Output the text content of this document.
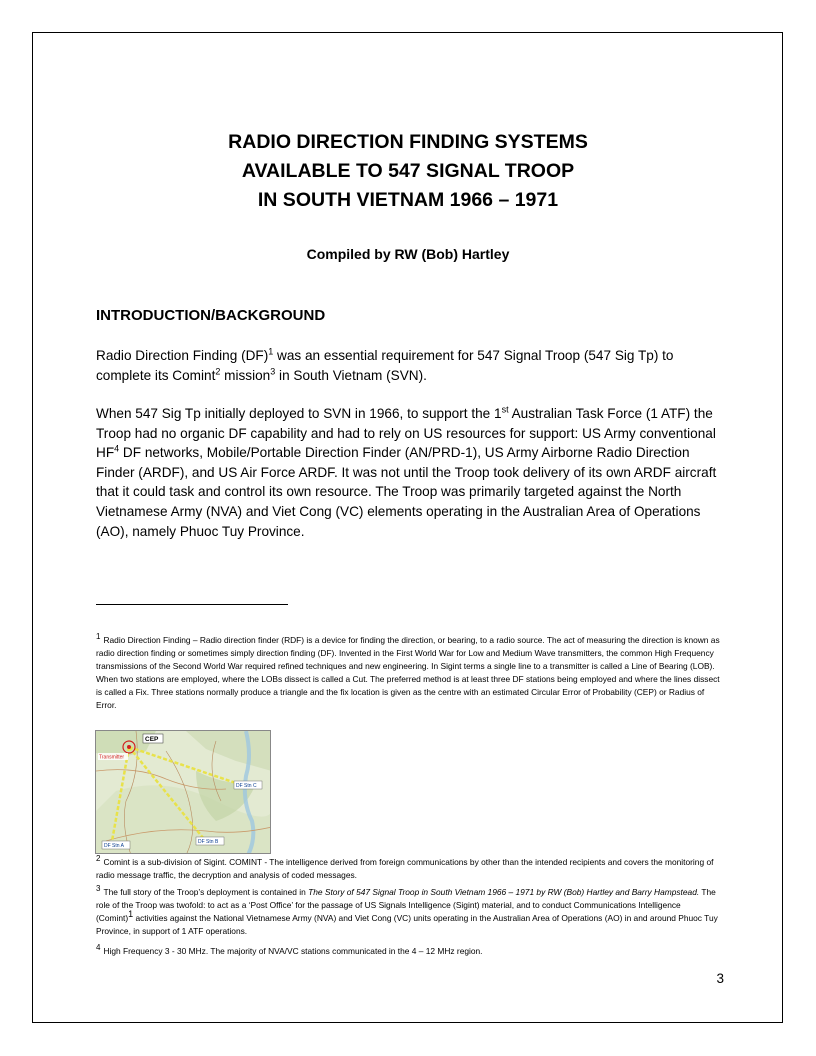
RADIO DIRECTION FINDING SYSTEMS
AVAILABLE TO 547 SIGNAL TROOP
IN SOUTH VIETNAM 1966 – 1971
Compiled by RW (Bob) Hartley
INTRODUCTION/BACKGROUND

Radio Direction Finding (DF)$^1$ was an essential requirement for 547 Signal Troop (547 Sig Tp) to complete its Comint$^2$ mission$^3$ in South Vietnam (SVN).

When 547 Sig Tp initially deployed to SVN in 1966, to support the 1st Australian Task Force (1 ATF) the Troop had no organic DF capability and had to rely on US resources for support: US Army conventional $HF^4$ DF networks, Mobile/Portable Direction Finder (AN/PRD-1), US Army Airborne Radio Direction Finder (ARDF), and US Air Force ARDF. It was not until the Troop took delivery of its own ARDF aircraft that it could task and control its own resource. The Troop was primarily targeted against the North Vietnamese Army (NVA) and Viet Cong (VC) elements operating in the Australian Area of Operations (AO), namely Phuoc Tuy Province.

1 Radio Direction Finding – Radio direction finder (RDF) is a device for finding the direction, or bearing, to a radio source. The act of measuring the direction is known as radio direction finding or sometimes simply direction finding (DF). Invented in the First World War for Low and Medium Wave transmitters, the common High Frequency transmissions of the Second World War required refined techniques and new engineering. In Sigint terms a single line to a transmitter is called a Line of Bearing (LOB). When two stations are employed, where the LOBs dissect is called a Cut. The preferred method is at least three DF stations being employed and where the lines dissect is called a Fix. Three stations normally produce a triangle and the fix location is given as the centre with an estimated Circular Error of Probability (CEP) or Radius of Error.

CEP
Transmitter
DF Stn C
DF Stn A
DF Stn B

2 Comint is a sub-division of Sigint. COMINT - The intelligence derived from foreign communications by other than the intended recipients and covers the monitoring of radio message traffic, the decryption and analysis of coded messages.

3 The full story of the Troop’s deployment is contained in The Story of 547 Signal Troop in South Vietnam 1966 – 1971 by RW (Bob) Hartley and Barry Hampstead. The role of the Troop was twofold: to act as a ‘Post Office’ for the passage of US Signals Intelligence (Sigint) material, and to conduct Communications Intelligence $(Comint)^1$ activities against the National Vietnamese Army (NVA) and Viet Cong (VC) units operating in the Australian Area of Operations (AO) in and around Phuoc Tuy Province, in support of 1 ATF operations.

4 High Frequency 3 - 30 MHz. The majority of NVA/VC stations communicated in the 4 – 12 MHz region.

3
